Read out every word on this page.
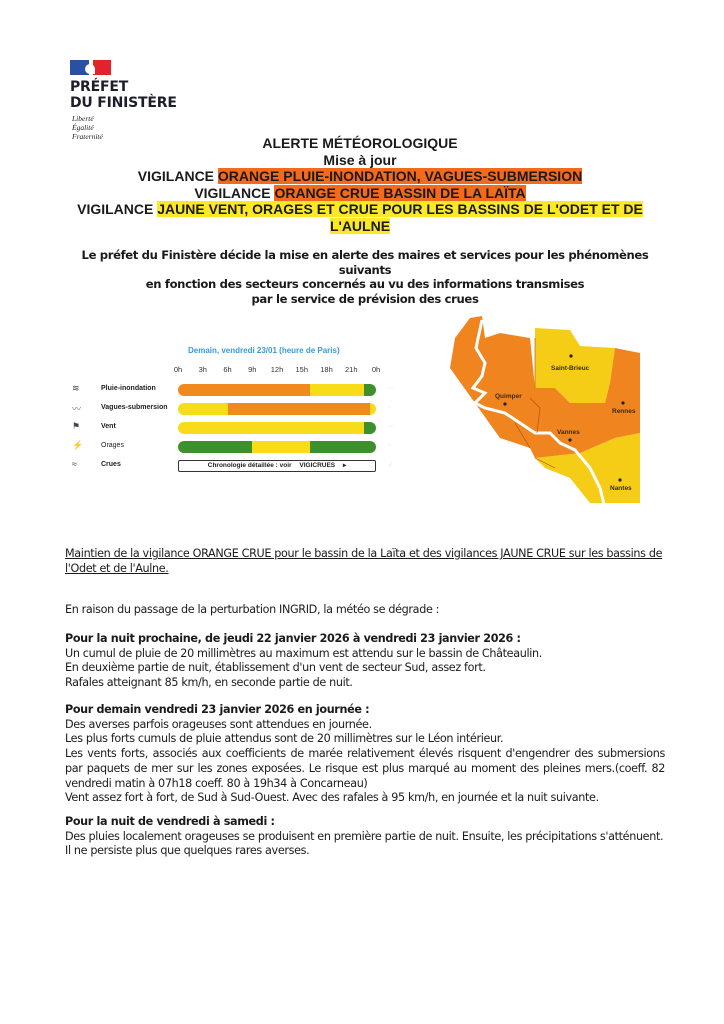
PRÉFET
DU FINISTÈRE
Liberté
Égalité
Fraternité	ALERTE MÉTÉOROLOGIQUE
Mise à jour
VIGILANCE ORANGE PLUIE-INONDATION, VAGUES-SUBMERSION
VIGILANCE ORANGE CRUE BASSIN DE LA LAÏTA
VIGILANCE JAUNE VENT, ORAGES ET CRUE POUR LES BASSINS DE L'ODET ET DE L'AULNE
Le préfet du Finistère décide la mise en alerte des maires et services pour les phénomènes suivants
en fonction des secteurs concernés au vu des informations transmises
par le service de prévision des crues
Demain, vendredi 23/01 (heure de Paris)
0h 3h 6h 9h 12h 15h 18h 21h 0h
≋	Pluie-inondation	◦◦
〰	Vagues-submersion	◦
⚑	Vent	◦◦
⚡	Orages	◦
≈	Crues	Chronologie détaillée : voir VIGICRUES ▸	✓
Saint-Brieuc
Quimper
Rennes
Vannes
Nantes

Maintien de la vigilance ORANGE CRUE pour le bassin de la Laïta et des vigilances JAUNE CRUE sur les bassins de l'Odet et de l'Aulne.

En raison du passage de la perturbation INGRID, la météo se dégrade :

Pour la nuit prochaine, de jeudi 22 janvier 2026 à vendredi 23 janvier 2026 :

Un cumul de pluie de 20 millimètres au maximum est attendu sur le bassin de Châteaulin.

En deuxième partie de nuit, établissement d'un vent de secteur Sud, assez fort.

Rafales atteignant 85 km/h, en seconde partie de nuit.

Pour demain vendredi 23 janvier 2026 en journée :

Des averses parfois orageuses sont attendues en journée.

Les plus forts cumuls de pluie attendus sont de 20 millimètres sur le Léon intérieur.

Les vents forts, associés aux coefficients de marée relativement élevés risquent d'engendrer des submersions par paquets de mer sur les zones exposées. Le risque est plus marqué au moment des pleines mers.(coeff. 82 vendredi matin à 07h18 coeff. 80 à 19h34 à Concarneau)

Vent assez fort à fort, de Sud à Sud-Ouest. Avec des rafales à 95 km/h, en journée et la nuit suivante.

Pour la nuit de vendredi à samedi :

Des pluies localement orageuses se produisent en première partie de nuit. Ensuite, les précipitations s'atténuent. Il ne persiste plus que quelques rares averses.
